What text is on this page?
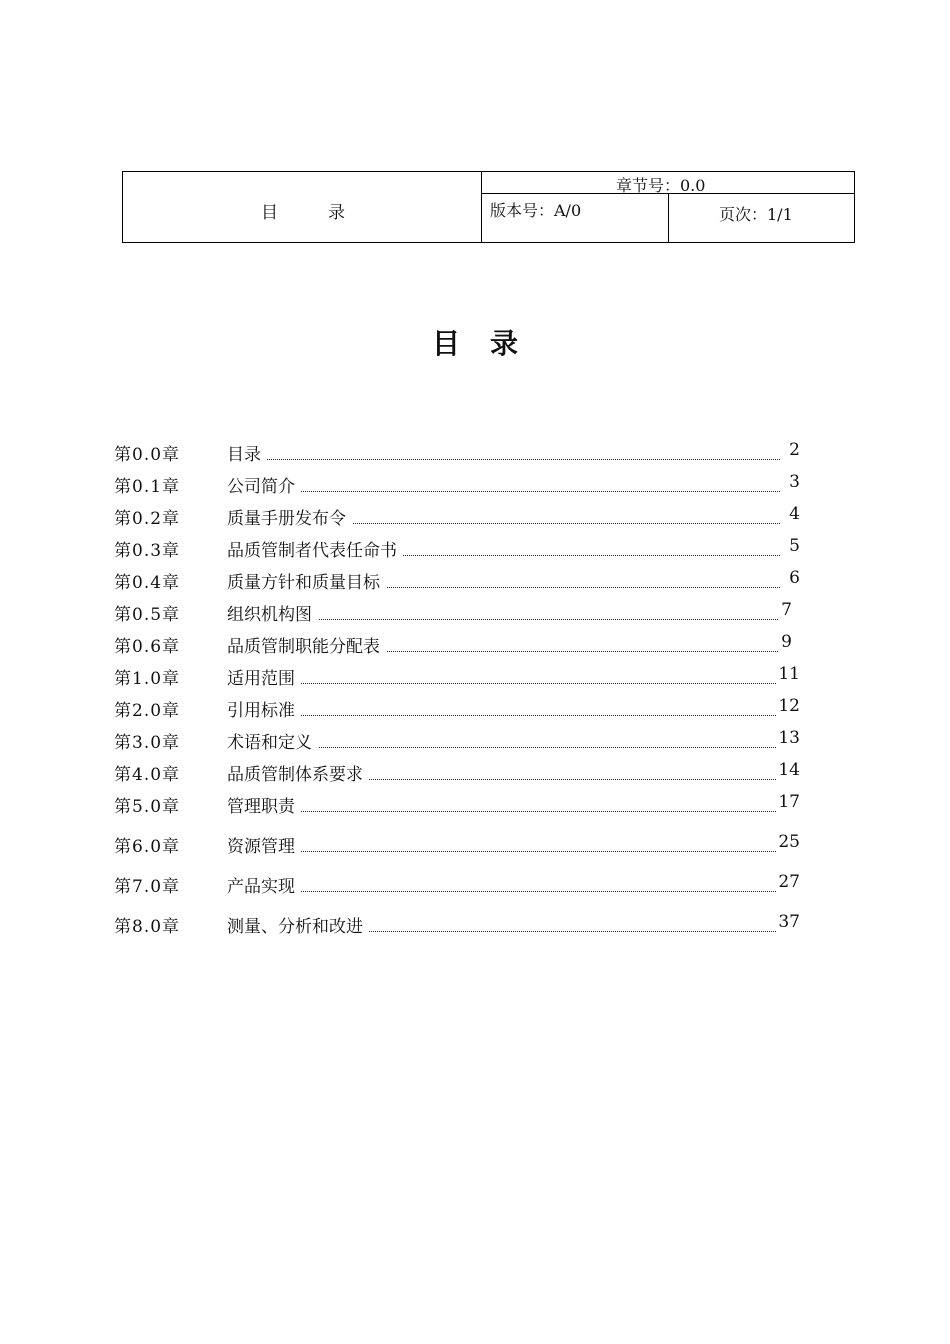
目	录
章节号：0.0
版本号：A/0	页次：1/1
目录
第0.0章	目录	2
第0.1章	公司简介	3
第0.2章	质量手册发布令	4
第0.3章	品质管制者代表任命书	5
第0.4章	质量方针和质量目标	6
第0.5章	组织机构图	7
第0.6章	品质管制职能分配表	9
第1.0章	适用范围	11
第2.0章	引用标准	12
第3.0章	术语和定义	13
第4.0章	品质管制体系要求	14
第5.0章	管理职责	17
第6.0章	资源管理	25
第7.0章	产品实现	27
第8.0章	测量、分析和改进	37
